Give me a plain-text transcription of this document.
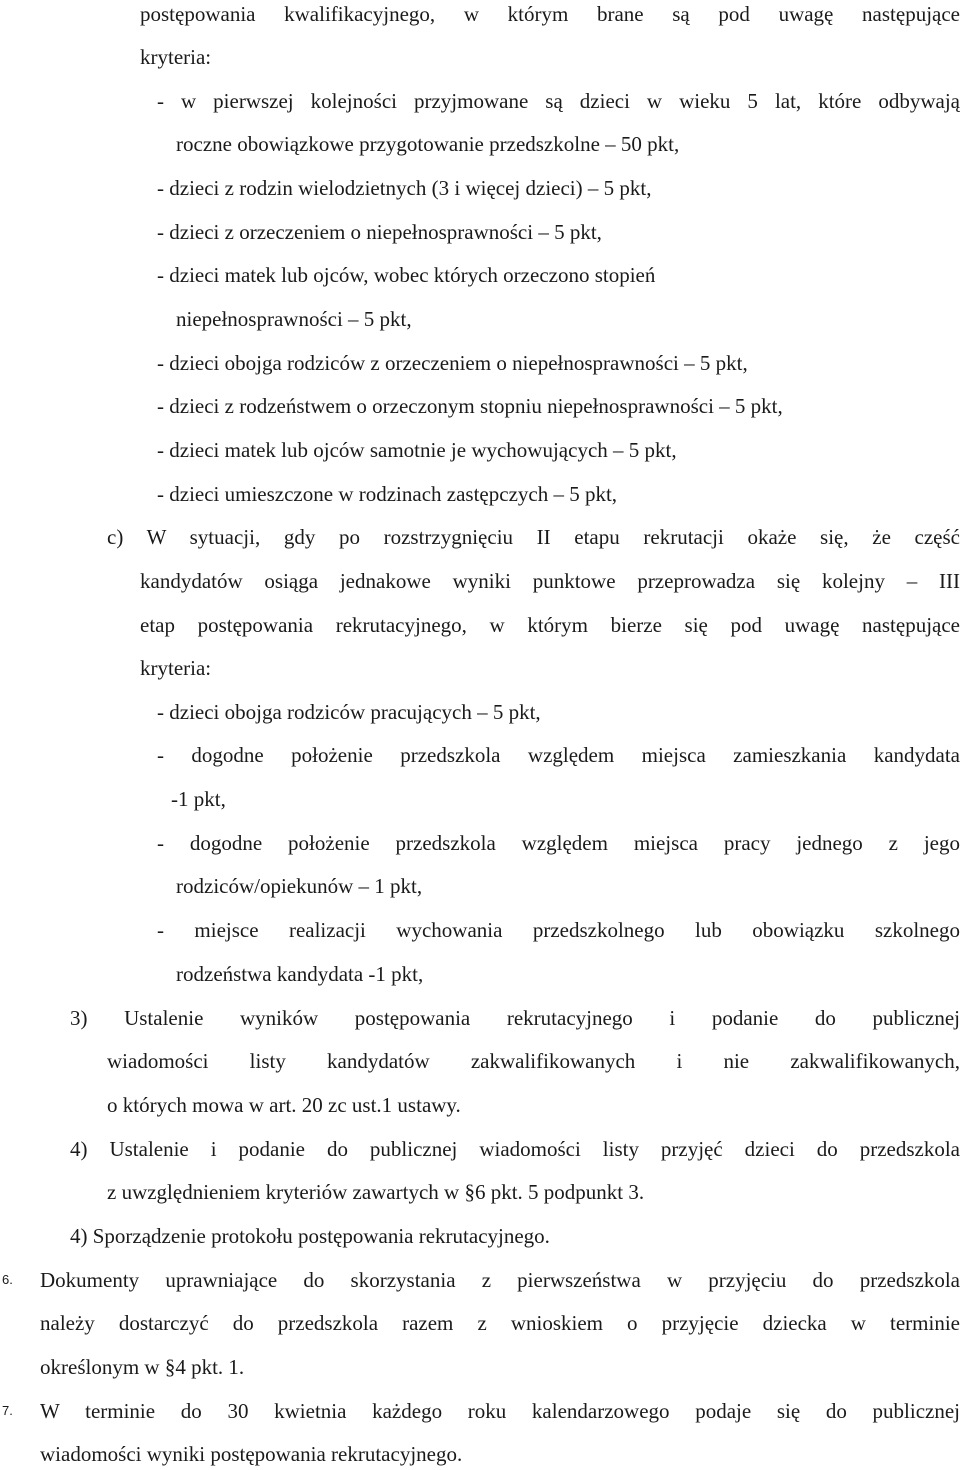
postępowania kwalifikacyjnego, w którym brane są pod uwagę następujące
kryteria:
- w pierwszej kolejności przyjmowane są dzieci w wieku 5 lat, które odbywają
roczne obowiązkowe przygotowanie przedszkolne – 50 pkt,
- dzieci z rodzin wielodzietnych (3 i więcej dzieci) – 5 pkt,
- dzieci z orzeczeniem o niepełnosprawności – 5 pkt,
- dzieci matek lub ojców, wobec których orzeczono stopień
niepełnosprawności – 5 pkt,
- dzieci obojga rodziców z orzeczeniem o niepełnosprawności – 5 pkt,
- dzieci z rodzeństwem o orzeczonym stopniu niepełnosprawności – 5 pkt,
- dzieci matek lub ojców samotnie je wychowujących – 5 pkt,
- dzieci umieszczone w rodzinach zastępczych – 5 pkt,
c) W sytuacji, gdy po rozstrzygnięciu II etapu rekrutacji okaże się, że część
kandydatów osiąga jednakowe wyniki punktowe przeprowadza się kolejny – III
etap postępowania rekrutacyjnego, w którym bierze się pod uwagę następujące
kryteria:
- dzieci obojga rodziców pracujących – 5 pkt,
- dogodne położenie przedszkola względem miejsca zamieszkania kandydata
-1 pkt,
- dogodne położenie przedszkola względem miejsca pracy jednego z jego
rodziców/opiekunów – 1 pkt,
- miejsce realizacji wychowania przedszkolnego lub obowiązku szkolnego
rodzeństwa kandydata -1 pkt,
3) Ustalenie wyników postępowania rekrutacyjnego i podanie do publicznej
wiadomości listy kandydatów zakwalifikowanych i nie zakwalifikowanych,
o których mowa w art. 20 zc ust.1 ustawy.
4) Ustalenie i podanie do publicznej wiadomości listy przyjęć dzieci do przedszkola
z uwzględnieniem kryteriów zawartych w §6 pkt. 5 podpunkt 3.
4) Sporządzenie protokołu postępowania rekrutacyjnego.
6. Dokumenty uprawniające do skorzystania z pierwszeństwa w przyjęciu do przedszkola
należy dostarczyć do przedszkola razem z wnioskiem o przyjęcie dziecka w terminie
określonym w §4 pkt. 1.
7. W terminie do 30 kwietnia każdego roku kalendarzowego podaje się do publicznej
wiadomości wyniki postępowania rekrutacyjnego.
